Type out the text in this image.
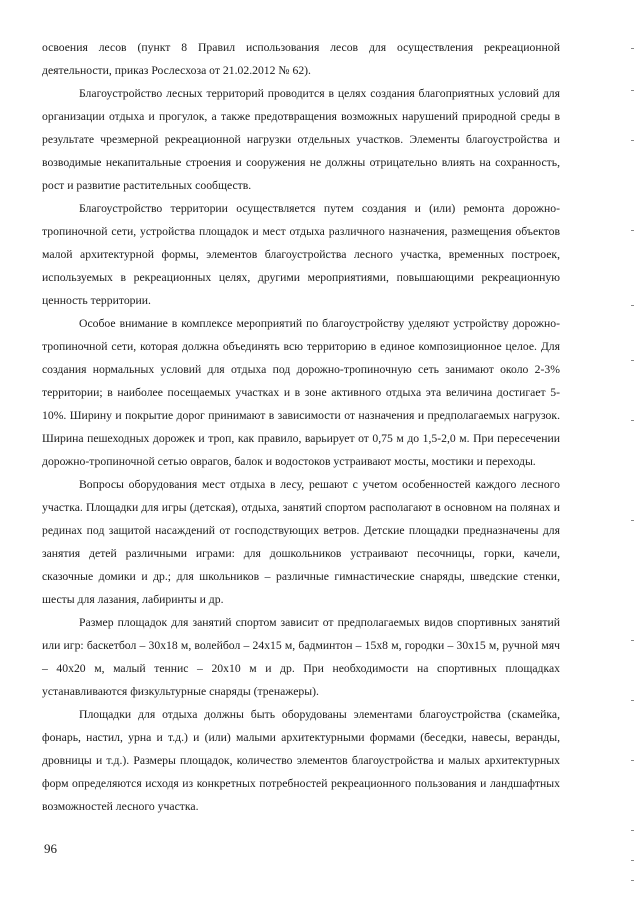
освоения лесов (пункт 8 Правил использования лесов для осуществления рекреационной деятельности, приказ Рослесхоза от 21.02.2012 № 62).

Благоустройство лесных территорий проводится в целях создания благоприятных условий для организации отдыха и прогулок, а также предотвращения возможных нарушений природной среды в результате чрезмерной рекреационной нагрузки отдельных участков. Элементы благоустройства и возводимые некапитальные строения и сооружения не должны отрицательно влиять на сохранность, рост и развитие растительных сообществ.

Благоустройство территории осуществляется путем создания и (или) ремонта дорожно-тропиночной сети, устройства площадок и мест отдыха различного назначения, размещения объектов малой архитектурной формы, элементов благоустройства лесного участка, временных построек, используемых в рекреационных целях, другими мероприятиями, повышающими рекреационную ценность территории.

Особое внимание в комплексе мероприятий по благоустройству уделяют устройству дорожно-тропиночной сети, которая должна объединять всю территорию в единое композиционное целое. Для создания нормальных условий для отдыха под дорожно-тропиночную сеть занимают около 2-3% территории; в наиболее посещаемых участках и в зоне активного отдыха эта величина достигает 5-10%. Ширину и покрытие дорог принимают в зависимости от назначения и предполагаемых нагрузок. Ширина пешеходных дорожек и троп, как правило, варьирует от 0,75 м до 1,5-2,0 м. При пересечении дорожно-тропиночной сетью оврагов, балок и водостоков устраивают мосты, мостики и переходы.

Вопросы оборудования мест отдыха в лесу, решают с учетом особенностей каждого лесного участка. Площадки для игры (детская), отдыха, занятий спортом располагают в основном на полянах и рединах под защитой насаждений от господствующих ветров. Детские площадки предназначены для занятия детей различными играми: для дошкольников устраивают песочницы, горки, качели, сказочные домики и др.; для школьников – различные гимнастические снаряды, шведские стенки, шесты для лазания, лабиринты и др.

Размер площадок для занятий спортом зависит от предполагаемых видов спортивных занятий или игр: баскетбол – 30х18 м, волейбол – 24х15 м, бадминтон – 15х8 м, городки – 30х15 м, ручной мяч – 40х20 м, малый теннис – 20х10 м и др. При необходимости на спортивных площадках устанавливаются физкультурные снаряды (тренажеры).

Площадки для отдыха должны быть оборудованы элементами благоустройства (скамейка, фонарь, настил, урна и т.д.) и (или) малыми архитектурными формами (беседки, навесы, веранды, дровницы и т.д.). Размеры площадок, количество элементов благоустройства и малых архитектурных форм определяются исходя из конкретных потребностей рекреационного пользования и ландшафтных возможностей лесного участка.

96
